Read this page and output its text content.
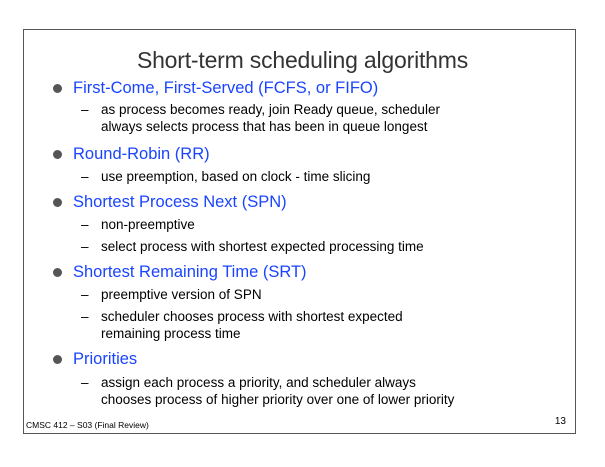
Short-term scheduling algorithms
First-Come, First-Served (FCFS, or FIFO)
– as process becomes ready, join Ready queue, scheduler
always selects process that has been in queue longest
Round-Robin (RR)
– use preemption, based on clock - time slicing
Shortest Process Next (SPN)
– non-preemptive
– select process with shortest expected processing time
Shortest Remaining Time (SRT)
– preemptive version of SPN
– scheduler chooses process with shortest expected
remaining process time
Priorities
– assign each process a priority, and scheduler always
chooses process of higher priority over one of lower priority
CMSC 412 – S03 (Final Review)	13
